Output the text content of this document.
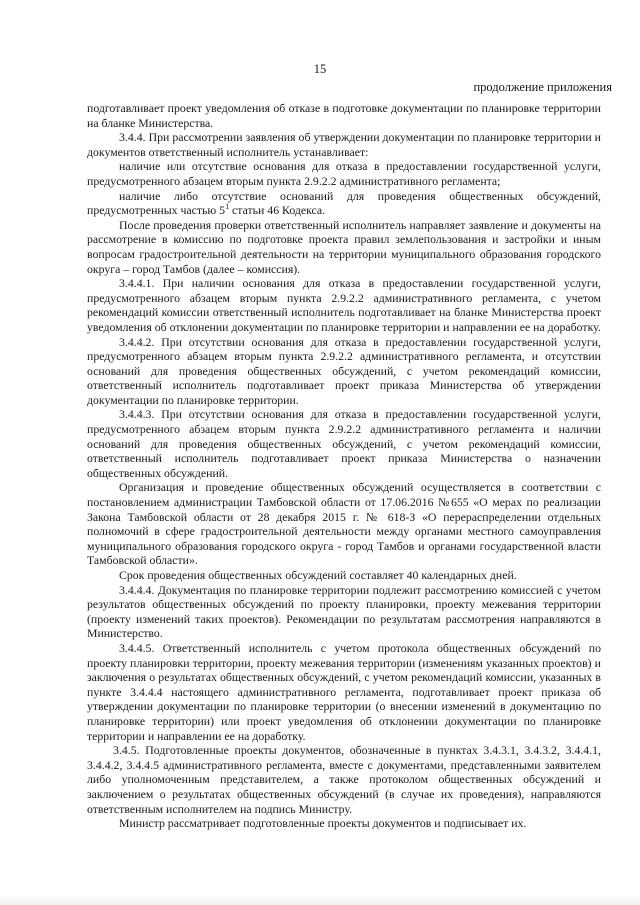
15
продолжение приложения

подготавливает проект уведомления об отказе в подготовке документации по планировке территории на бланке Министерства.

3.4.4. При рассмотрении заявления об утверждении документации по планировке территории и документов ответственный исполнитель устанавливает:

наличие или отсутствие основания для отказа в предоставлении государственной услуги, предусмотренного абзацем вторым пункта 2.9.2.2 административного регламента;

наличие либо отсутствие оснований для проведения общественных обсуждений, предусмотренных частью $5^1$ статьи 46 Кодекса.

После проведения проверки ответственный исполнитель направляет заявление и документы на рассмотрение в комиссию по подготовке проекта правил землепользования и застройки и иным вопросам градостроительной деятельности на территории муниципального образования городского округа – город Тамбов (далее – комиссия).

3.4.4.1. При наличии основания для отказа в предоставлении государственной услуги, предусмотренного абзацем вторым пункта 2.9.2.2 административного регламента, с учетом рекомендаций комиссии ответственный исполнитель подготавливает на бланке Министерства проект уведомления об отклонении документации по планировке территории и направлении ее на доработку.

3.4.4.2. При отсутствии основания для отказа в предоставлении государственной услуги, предусмотренного абзацем вторым пункта 2.9.2.2 административного регламента, и отсутствии оснований для проведения общественных обсуждений, с учетом рекомендаций комиссии, ответственный исполнитель подготавливает проект приказа Министерства об утверждении документации по планировке территории.

3.4.4.3. При отсутствии основания для отказа в предоставлении государственной услуги, предусмотренного абзацем вторым пункта 2.9.2.2 административного регламента и наличии оснований для проведения общественных обсуждений, с учетом рекомендаций комиссии, ответственный исполнитель подготавливает проект приказа Министерства о назначении общественных обсуждений.

Организация и проведение общественных обсуждений осуществляется в соответствии с постановлением администрации Тамбовской области от 17.06.2016 №655 «О мерах по реализации Закона Тамбовской области от 28 декабря 2015 г. № 618-З «О перераспределении отдельных полномочий в сфере градостроительной деятельности между органами местного самоуправления муниципального образования городского округа - город Тамбов и органами государственной власти Тамбовской области».

Срок проведения общественных обсуждений составляет 40 календарных дней.

3.4.4.4. Документация по планировке территории подлежит рассмотрению комиссией с учетом результатов общественных обсуждений по проекту планировки, проекту межевания территории (проекту изменений таких проектов). Рекомендации по результатам рассмотрения направляются в Министерство.

3.4.4.5. Ответственный исполнитель с учетом протокола общественных обсуждений по проекту планировки территории, проекту межевания территории (изменениям указанных проектов) и заключения о результатах общественных обсуждений, с учетом рекомендаций комиссии, указанных в пункте 3.4.4.4 настоящего административного регламента, подготавливает проект приказа об утверждении документации по планировке территории (о внесении изменений в документацию по планировке территории) или проект уведомления об отклонении документации по планировке территории и направлении ее на доработку.

3.4.5. Подготовленные проекты документов, обозначенные в пунктах 3.4.3.1, 3.4.3.2, 3.4.4.1, 3.4.4.2, 3.4.4.5 административного регламента, вместе с документами, представленными заявителем либо уполномоченным представителем, а также протоколом общественных обсуждений и заключением о результатах общественных обсуждений (в случае их проведения), направляются ответственным исполнителем на подпись Министру.

Министр рассматривает подготовленные проекты документов и подписывает их.
